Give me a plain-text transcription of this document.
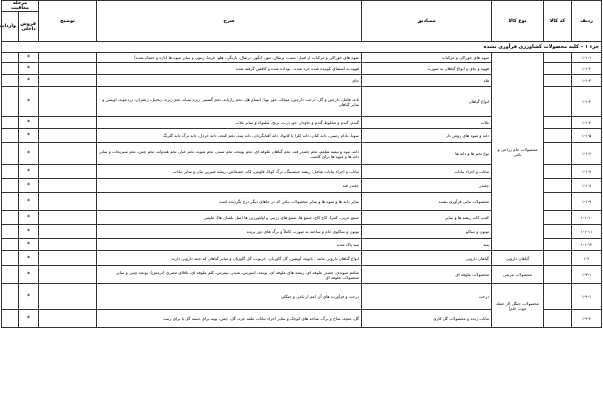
ردیف	کد کالا	نوع کالا	مصادیق	شرح	توضیح	مرحله معافیت	
						فروش داخلی	واردات
جزء ۱ – کلیه محصولات کشاورزی فرآوری نشده							
۱-۱-۱		محصولات خام زراعی و باغی	میوه های خوراکی و مرکبات	میوه های خوراکی و مرکبات از قبیل: سیب، پرتقال، موز، انگور، برتقال، نارنگی، هلو، خرما، زیتون و سایر میوه ها (تازه و خشک شده)		*	
۱-۱-۲			قهوه و چای و انواع گیاهان به صورت	قهوه به استثنای کوبیده شده خرد شده ، بوداده شده و کافئین گرفته شده		*	
۱-۱-۳			فله	چای		*	
۱-۱-۴			انواع گیاهان	نانه، فلفل، دارچین و گل، درخت دارچین، میخک، جوز بویا، انسام هل، تخم رازیانه، تخم گشنیز، زیره سیاه، تخم زیره، زنجبیل، زعفران، زردچوبه، اویشن و سایر گیاهان		*	
۱-۱-۴			غلات	گندم، گندم و مخلوط گندم و جاودار، جو، ذرت، برنج، شلتوک و سایر غلات		*	
۱-۱-۵			دانه و میوه های روغن دار	سویا، بادام زمینی، دانه کتان، دانه کلزا یا کانولا، دانه آفتابگردان، دانه پنبه، تخم کنجد، دانه خردل، دانه برگ دانه گلرنگ		*	
۱-۱-۶			نوع تخم ها و دانه ها	دانه، نیوه و نیمیه شلغم، تخم چغندر قند، تخم گیاهان علوفه ای، تخم یونجه، تخم شبدر، تخم شوید، تخم خیار، تخم هندوانه، تخم چمن، تخم سبزیجات و سایر دانه ها و میوه ها برای کاشت		*	
۱-۱-۷			نباتات و اجزاء نباتات	نباتات و اجزاء نباتات شامل: ریشه جینسینگ، برگ کوکا، قلوس، کاه، خشخاش، ریشه شیرین بیان و سایر نباتات		*	
۱-۱-۸			چغندر	چغندر قند		*	
۱-۱-۹			محصولات نباتی فرآوری نشده	سایر دانه ها و میوه ها و سایر محصولات نباتی که در جاهای دیگر درج نگردیده است		*	
۱-۱-۱۰			کمپ کاه، ریشه ها و سایر	صمغ عربی، کتیرا، کاج کاج، صمغ ها، صمغ های رزینی و اولئورزین ها (مثل بلسان ها)، ملیمی		*	
۱-۱-۱۱			توتون و تنباکو	توتون و تنباکوی خام و ساخته به صورت کاملاً و برگ های دور بریده		*	
۱-۱-۱۲			پنبه	پنبه پاک شده		*	
۱-۲		گیاهان دارویی	گیاهان دارویی	انواع گیاهان دارویی مانند : بابونه، آویشن، گل گاوزبان، خرنوب، گل گاوزبان و سایر گیاهان که جنبه دارویی دارند		*	
۱-۳-۱		محصولات مرتعی	محصولات علوفه ای	شلغم سوئدی، چغندر علوفه ای، ریشه های علوفه ای، یونجه، اسپرس، شبدر، نیمرس، کلم علوفه ای، باقلای مصری (ترمس)، یونجه چینی و سایر محصولات علوفه ای		*	
۱-۴-۱		محصولات جنگل (از جمله چوب خام)	درخت	درخت و فرآورده های آن اعم از باغی و جنگلی		*	
۱-۴-۲			نباتات زنده و محصولات گل کاری	گل، غنچه، شاخ و برگ، شاخه های کوچک و سایر اجزاء نباتات علفه خزه، گل، چمن، پونه برای دسته گل یا برای زینت		*	
